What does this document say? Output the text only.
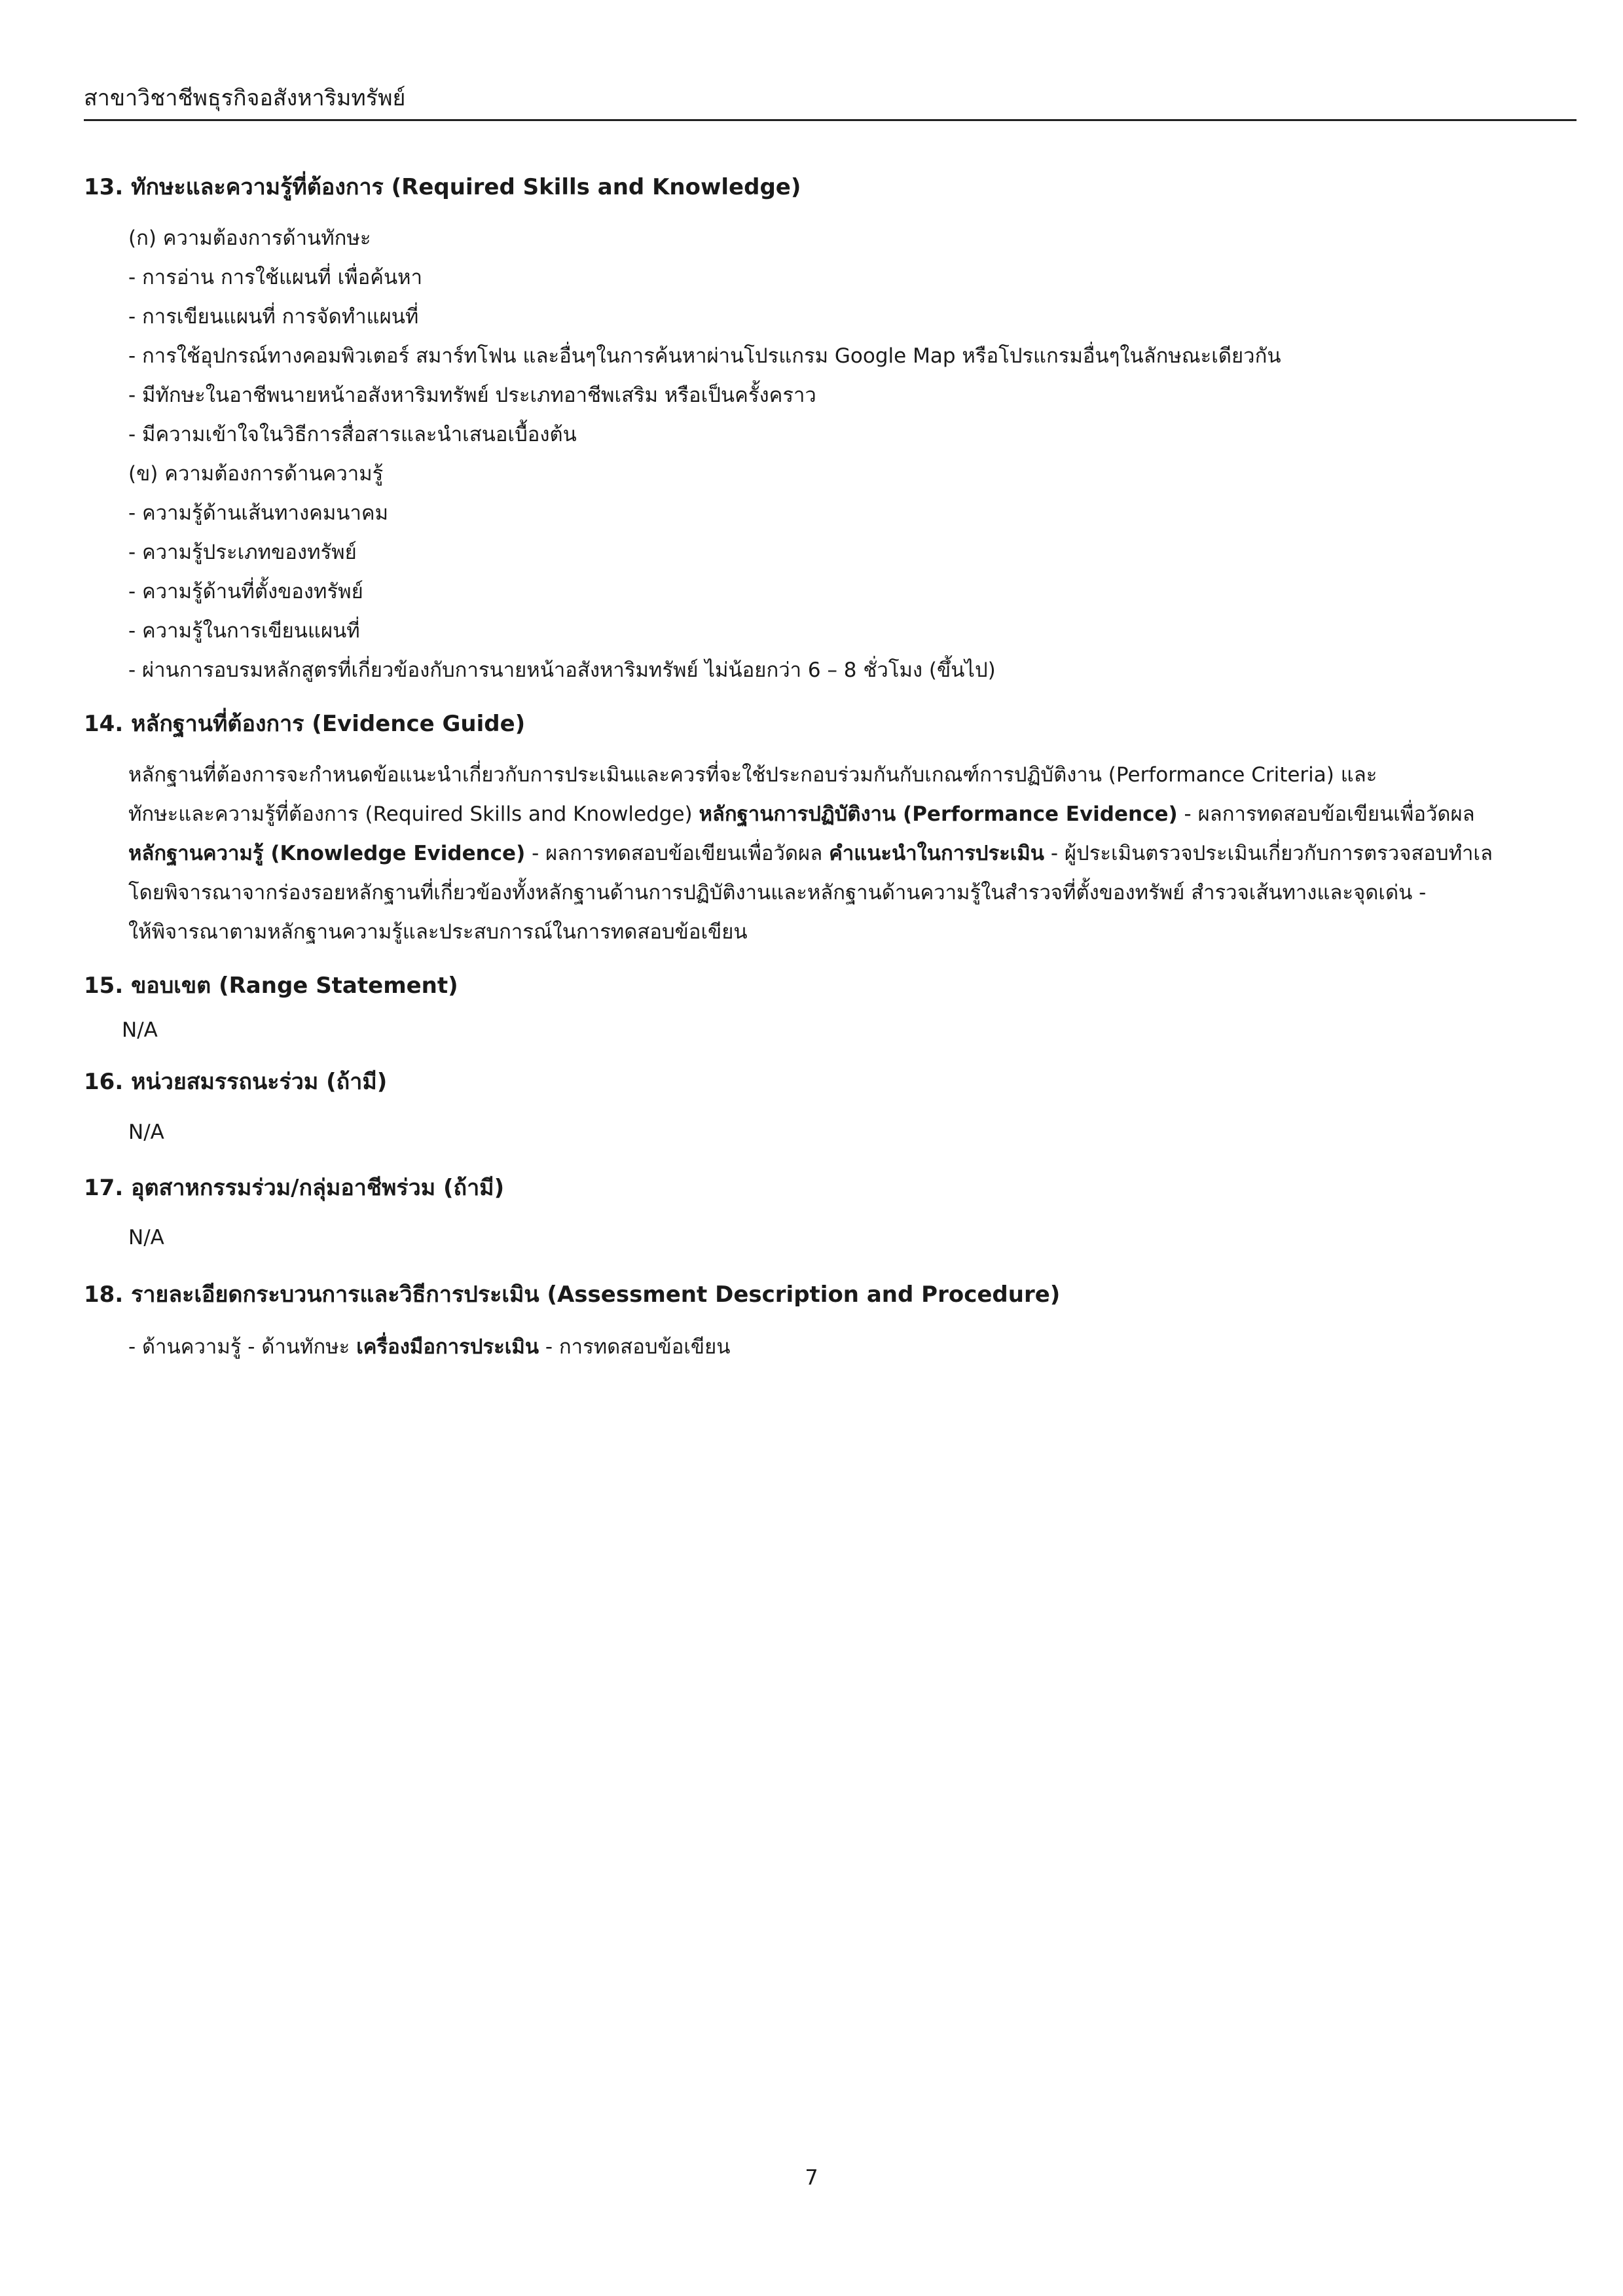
สาขาวิชาชีพธุรกิจอสังหาริมทรัพย์
13. ทักษะและความรู้ที่ต้องการ (Required Skills and Knowledge)
(ก) ความต้องการด้านทักษะ
- การอ่าน การใช้แผนที่ เพื่อค้นหา
- การเขียนแผนที่ การจัดทำแผนที่
- การใช้อุปกรณ์ทางคอมพิวเตอร์ สมาร์ทโฟน และอื่นๆในการค้นหาผ่านโปรแกรม Google Map หรือโปรแกรมอื่นๆในลักษณะเดียวกัน
- มีทักษะในอาชีพนายหน้าอสังหาริมทรัพย์ ประเภทอาชีพเสริม หรือเป็นครั้งคราว
- มีความเข้าใจในวิธีการสื่อสารและนำเสนอเบื้องต้น
(ข) ความต้องการด้านความรู้
- ความรู้ด้านเส้นทางคมนาคม
- ความรู้ประเภทของทรัพย์
- ความรู้ด้านที่ตั้งของทรัพย์
- ความรู้ในการเขียนแผนที่
- ผ่านการอบรมหลักสูตรที่เกี่ยวข้องกับการนายหน้าอสังหาริมทรัพย์ ไม่น้อยกว่า 6 – 8 ชั่วโมง (ขึ้นไป)
14. หลักฐานที่ต้องการ (Evidence Guide)
หลักฐานที่ต้องการจะกำหนดข้อแนะนำเกี่ยวกับการประเมินและควรที่จะใช้ประกอบร่วมกันกับเกณฑ์การปฏิบัติงาน (Performance Criteria) และ
ทักษะและความรู้ที่ต้องการ (Required Skills and Knowledge) หลักฐานการปฏิบัติงาน (Performance Evidence) - ผลการทดสอบข้อเขียนเพื่อวัดผล
หลักฐานความรู้ (Knowledge Evidence) - ผลการทดสอบข้อเขียนเพื่อวัดผล คำแนะนำในการประเมิน - ผู้ประเมินตรวจประเมินเกี่ยวกับการตรวจสอบทำเล
โดยพิจารณาจากร่องรอยหลักฐานที่เกี่ยวข้องทั้งหลักฐานด้านการปฏิบัติงานและหลักฐานด้านความรู้ในสำรวจที่ตั้งของทรัพย์ สำรวจเส้นทางและจุดเด่น -
ให้พิจารณาตามหลักฐานความรู้และประสบการณ์ในการทดสอบข้อเขียน
15. ขอบเขต (Range Statement)
N/A
16. หน่วยสมรรถนะร่วม (ถ้ามี)
N/A
17. อุตสาหกรรมร่วม/กลุ่มอาชีพร่วม (ถ้ามี)
N/A
18. รายละเอียดกระบวนการและวิธีการประเมิน (Assessment Description and Procedure)
- ด้านความรู้ - ด้านทักษะ เครื่องมือการประเมิน - การทดสอบข้อเขียน
7
